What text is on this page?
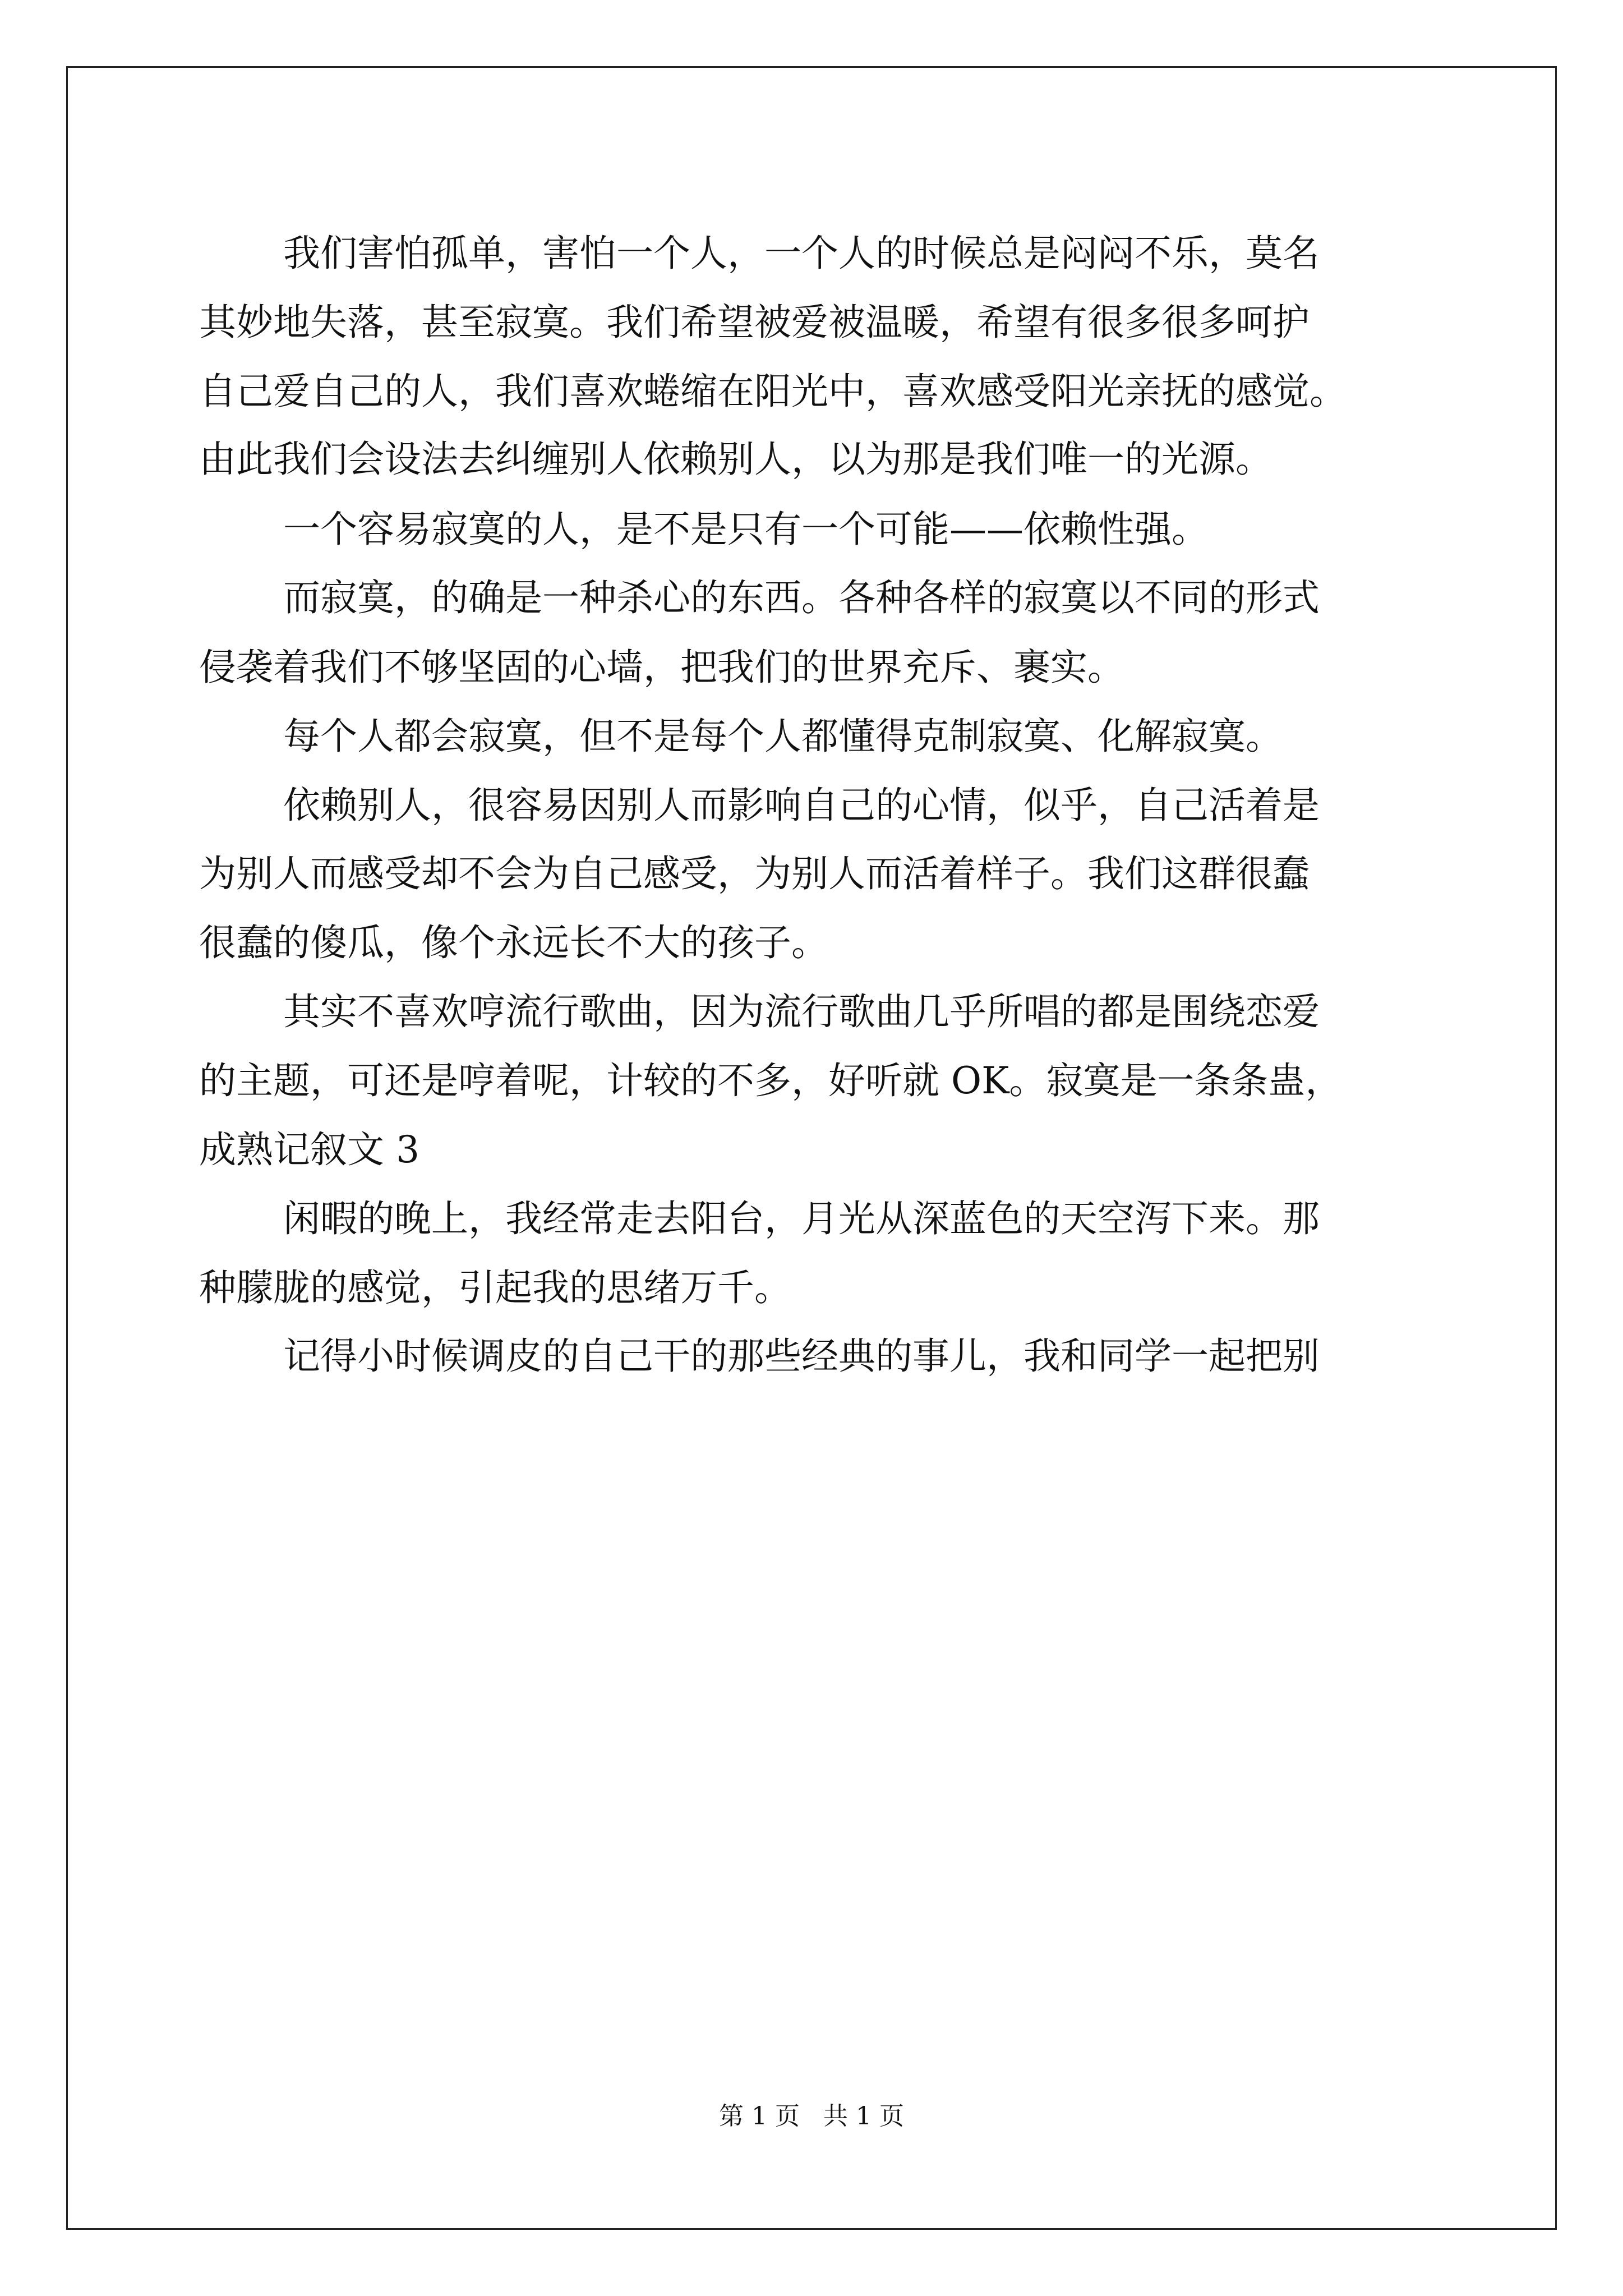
我们害怕孤单，害怕一个人，一个人的时候总是闷闷不乐，莫名
其妙地失落，甚至寂寞。我们希望被爱被温暖，希望有很多很多呵护
自己爱自己的人，我们喜欢蜷缩在阳光中，喜欢感受阳光亲抚的感觉。
由此我们会设法去纠缠别人依赖别人，以为那是我们唯一的光源。
一个容易寂寞的人，是不是只有一个可能——依赖性强。
而寂寞，的确是一种杀心的东西。各种各样的寂寞以不同的形式
侵袭着我们不够坚固的心墙，把我们的世界充斥、裹实。
每个人都会寂寞，但不是每个人都懂得克制寂寞、化解寂寞。
依赖别人，很容易因别人而影响自己的心情，似乎，自己活着是
为别人而感受却不会为自己感受，为别人而活着样子。我们这群很蠢
很蠢的傻瓜，像个永远长不大的孩子。
其实不喜欢哼流行歌曲，因为流行歌曲几乎所唱的都是围绕恋爱
的主题，可还是哼着呢，计较的不多，好听就 OK。寂寞是一条条蛊，
成熟记叙文 3
闲暇的晚上，我经常走去阳台，月光从深蓝色的天空泻下来。那
种朦胧的感觉，引起我的思绪万千。
记得小时候调皮的自己干的那些经典的事儿，我和同学一起把别
第 1 页   共 1 页
